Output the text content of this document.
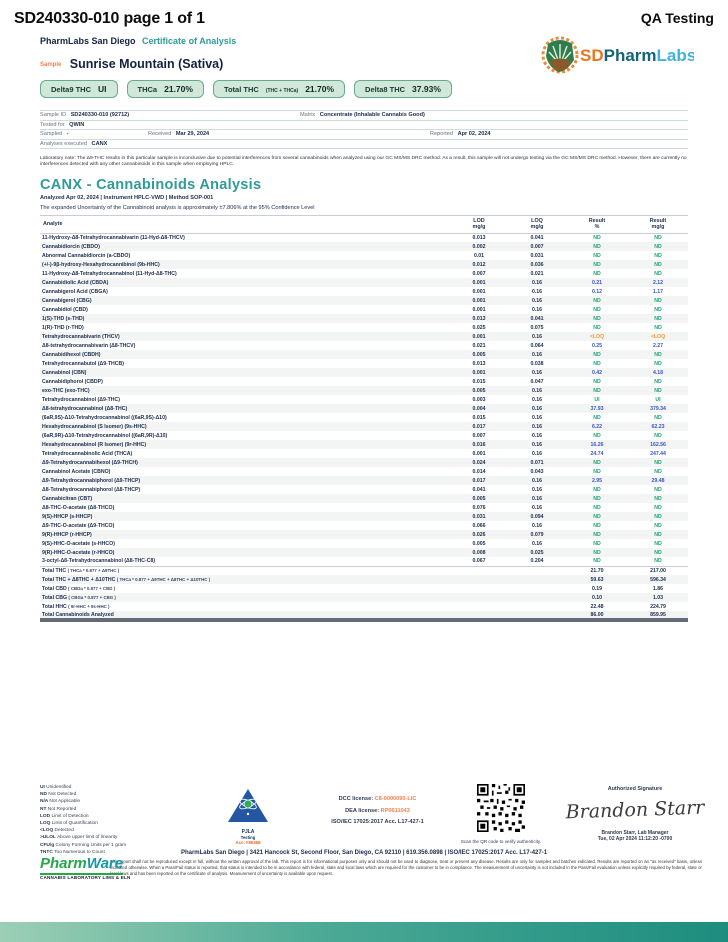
SD240330-010 page 1 of 1	QA Testing
PharmLabs San Diego Certificate of Analysis
SDPharmLabs
Sample Sunrise Mountain (Sativa)
Delta9 THC UI	THCa 21.70%	Total THC (THC + THCa) 21.70%	Delta8 THC 37.93%
Sample ID SD240330-010 (92712)	Matrix Concentrate (Inhalable Cannabis Good)
Tested for QWIN
Sampled -	Received Mar 29, 2024	Reported Apr 02, 2024
Analyses executed CANX
Laboratory note: The Δ9-THC results in this particular sample is inconclusive due to potential interferences from several cannabinoids when analyzed using our GC MS/MS DRC method. As a result, this sample will not undergo testing via the GC MS/MS DRC method. However, there are currently no interferences detected with any other cannabinoids in this sample when employing HPLC.
CANX - Cannabinoids Analysis
Analyzed Apr 02, 2024 | Instrument HPLC-VWD | Method SOP-001
The expanded Uncertainty of the Cannabinoid analysis is approximately ±7.806% at the 95% Confidence Level
Analyte	
LOD
mg/g

LOQ
mg/g

Result
%

Result
mg/g

11-Hydroxy-Δ8-Tetrahydrocannabivarin (11-Hyd-Δ8-THCV)	0.013	0.041	ND	ND
Cannabidiorcin (CBDO)	0.002	0.007	ND	ND
Abnormal Cannabidiorcin (a-CBDO)	0.01	0.031	ND	ND
(+/-)-9β-hydroxy-Hexahydrocannibinol (9b-HHC)	0.012	0.036	ND	ND
11-Hydroxy-Δ8-Tetrahydrocannabinol (11-Hyd-Δ8-THC)	0.007	0.021	ND	ND
Cannabidiolic Acid (CBDA)	0.001	0.16	0.21	2.12
Cannabigerol Acid (CBGA)	0.001	0.16	0.12	1.17
Cannabigerol (CBG)	0.001	0.16	ND	ND
Cannabidiol (CBD)	0.001	0.16	ND	ND
1(S)-THD (s-THD)	0.013	0.041	ND	ND
1(R)-THD (r-THD)	0.025	0.075	ND	ND
Tetrahydrocannabivarin (THCV)	0.001	0.16	<LOQ	<LOQ
Δ8-tetrahydrocannabivarin (Δ8-THCV)	0.021	0.064	0.25	2.27
Cannabidihexol (CBDH)	0.005	0.16	ND	ND
Tetrahydrocannabutol (Δ9-THCB)	0.013	0.038	ND	ND
Cannabinol (CBN)	0.001	0.16	0.42	4.18
Cannabidiphorol (CBDP)	0.015	0.047	ND	ND
exo-THC (exo-THC)	0.005	0.16	ND	ND
Tetrahydrocannabinol (Δ9-THC)	0.003	0.16	UI	UI
Δ8-tetrahydrocannabinol (Δ8-THC)	0.004	0.16	37.93	379.34
(6aR,9S)-Δ10-Tetrahydrocannabinol ((6aR,9S)-Δ10)	0.015	0.16	ND	ND
Hexahydrocannabinol (S Isomer) (9s-HHC)	0.017	0.16	6.22	62.23
(6aR,9R)-Δ10-Tetrahydrocannabinol ((6aR,9R)-Δ10)	0.007	0.16	ND	ND
Hexahydrocannabinol (R Isomer) (9r-HHC)	0.016	0.16	16.26	162.56
Tetrahydrocannabinolic Acid (THCA)	0.001	0.16	24.74	247.44
Δ9-Tetrahydrocannabihexol (Δ9-THCH)	0.024	0.071	ND	ND
Cannabinol Acetate (CBNO)	0.014	0.043	ND	ND
Δ9-Tetrahydrocannabiphorol (Δ9-THCP)	0.017	0.16	2.95	29.48
Δ8-Tetrahydrocannabiphorol (Δ8-THCP)	0.041	0.16	ND	ND
Cannabicitran (CBT)	0.005	0.16	ND	ND
Δ8-THC-O-acetate (Δ8-THCO)	0.076	0.16	ND	ND
9(S)-HHCP (s-HHCP)	0.031	0.094	ND	ND
Δ9-THC-O-acetate (Δ9-THCO)	0.066	0.16	ND	ND
9(R)-HHCP (r-HHCP)	0.026	0.079	ND	ND
9(S)-HHC-O-acetate (s-HHCO)	0.005	0.16	ND	ND
9(R)-HHC-O-acetate (r-HHCO)	0.008	0.025	ND	ND
3-octyl-Δ8-Tetrahydrocannabinol (Δ8-THC-C8)	0.067	0.204	ND	ND
Total THC ( THCa * 0.877 + Δ9THC )			21.70	217.00
Total THC + Δ8THC + Δ10THC ( THCa * 0.877 + Δ9THC + Δ8THC + Δ10THC )			59.63	596.34
Total CBD ( CBDa * 0.877 + CBD )			0.19	1.86
Total CBG ( CBGa * 0.877 + CBG )			0.10	1.03
Total HHC ( 9r-HHC + 9s-HHC )			22.48	224.79
Total Cannabinoids Analyzed			86.00	859.95
UI Unidentified
ND Not Detected
N/A Not Applicable
NT Not Reported
LOD Limit of Detection
LOQ Limit of Quantification
<LOQ Detected
>ULOL Above upper limit of linearity
CFU/g Colony Forming Units per 1 gram
TNTC Too Numerous to Count
PJLA
Testing
Acc. #85368
DCC license: C8-0000090-LIC
DEA license: RP0611043
ISO/IEC 17025:2017 Acc. L17-427-1
Scan the QR code to verify authenticity.
Authorized Signature
Brandon Starr
Brandon Starr, Lab Manager
Tue, 02 Apr 2024 11:12:20 -0700
PharmLabs San Diego | 3421 Hancock St, Second Floor, San Diego, CA 92110 | 619.356.0898 | ISO/IEC 17025:2017 Acc. L17-427-1
PharmWare
CANNABIS LABORATORY LIMS & ELN
This report shall not be reproduced except in full, without the written approval of the lab. This report is for informational purposes only and should not be used to diagnose, treat or prevent any disease. Results are only for samples and batches indicated. Results are reported on an "as received" basis, unless indicated otherwise. When a Pass/Fail status is reported, that status is intended to be in accordance with federal, state and local laws which are required for the customer to be in compliance. The measurement of uncertainty is not included in the Pass/Fail evaluation unless explicitly required by federal, state or local laws and has been reported on the certificate of analysis. Measurement of uncertainty is available upon request.
